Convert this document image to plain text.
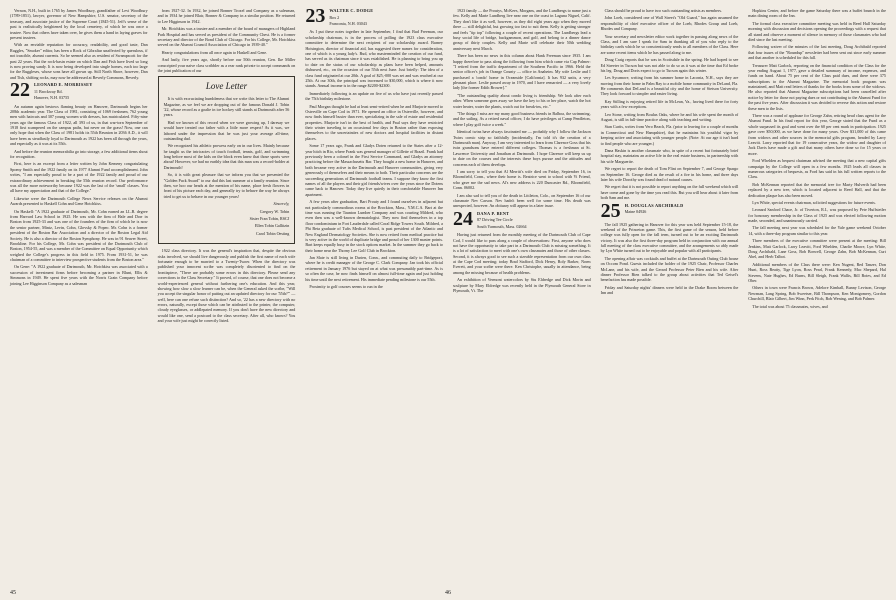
Vernon, N.H., built in 1765 by James Woodbury, grandfather of Levi Woodbury (1789-1851), lawyer, governor of New Hampshire, U.S. senator, secretary of the treasury, and associate justice of the Supreme Court (1845-51). Jeff's sense of the past is realistically heightened by the local cemetery, of which he was once a trustee. Now that others have taken over, he gives them a hand in laying graves for present trustees.

With an enviable reputation for accuracy, readability, and good taste, Dan Ruggles, "Smoker" editor, has been a Rock of Gibraltar unaffected by querulous, if not irascible, alumni currents. So he seemed also as resident of Swampscott for the past 22 years. But the rock-basin estate on which Dan and Fish have lived so long is now proving sandy. It is now being developed into single homes, each too large for the Ruggleses, whose sons have all grown up. Still North Shore, however, Dan and Tish, shifting rocks, may now be addressed at Beverly Commons, Beverly.

22 LEONARD E. MORRISSEY
11 Brockway Rd.
Hanover, N.H. 03755

An autumn again bestows flaming beauty on Hanover, Dartmouth begins her 208th academic year. The Class of 1981, consisting of 1069 freshmen, 762 young men with haircuts and 307 young women with dresses, has matriculated. Fifty-nine years ago the famous Class of 1922, all 393 of us, in that war-torn September of 1918 first scampered on the campus paths, but never on the grass! Now, one can only hope that when the Class of 1981 holds its 55th Reunion in 2036 A.D., it will have been as steadfastly loyal to Dartmouth as 1922 has been all through the years, and especially as it was at its 55th.

And before the reunion memorabilia go into storage, a few additional items shout for recognition.

First, here is an excerpt from a letter written by John Kemeny congratulating Spomy Smith and the 1922 family on its 1977 Alumni Fund accomplishment. John writes, "I am especially proud to be a part of the 1922 family and proud of our extraordinary achievement in breaking the 55th reunion record. Our performance was all the more noteworthy because 1922 was the last of the 'small' classes. You all have my appreciation and that of the College."

Likewise were the Dartmouth College News Service releases on the Alumni Awards presented to Haskell Cohn and Gene Hotchkiss.

On Haskell: "A 1922 graduate of Dartmouth, Mr. Cohn earned an LL.B. degree from Harvard Law School in 1925. He was with the firm of Hale and Dorr in Boston from 1925-33 and was one of the founders of the firm of which he is now the senior partner, Mintz, Levin, Cohn, Glovsky & Popeo. Mr. Cohn is a former president of the Boston Bar Association and a director of the Boston Legal Aid Society. He is also a director of the Boston Symphony. He was in 91 Seaver Street, Brookline. For his College, Mr. Cohn was president of the Dartmouth Club of Boston, 1954-55, and was a member of the Committee on Equal Opportunity which weighed the College's progress in this field in 1975. From 1931-51, he was chairman of a committee to interview prospective students from the Boston area."

On Gene: "A 1922 graduate of Dartmouth, Mr. Hotchkiss was associated with a succession of investment firms before becoming a partner in Blunt, Ellis & Simmons in 1949. He spent five years with the Norris Grain Company before joining Lee Higginson Company as a salesman

from 1927-32. In 1932, he joined Bonner Troxel and Company as a salesman, and in 1934 he joined Blair, Bonner & Company in a similar position. He returned to Lee Higginson in 1942.

Mr. Hotchkiss was a trustee and a member of the board of managers of Highland Park Hospital and has served as president of the Community Chest. He is a former secretary and director of the Bond Club of Chicago. For his College, Mr. Hotchkiss served on the Alumni Council Association of Chicago in 1939-40."

Hearty congratulations from all once again to Haskell and Gene.

And lastly, five years ago, shortly before our 50th reunion, Gen. Ike Miller conscripted your naive class scribbler as a rear rank private to accept commands on the joint publication of our

Love Letter

It is with excruciating humbleness that we write this letter to The Alumni Magazine, as we feel we are dropping out of the famous Donald J. Tobin '22, whose record as a goalie in ice hockey still stands at Dartmouth after 56 years.

Had we known of this record when we were growing up, I daresay we would have treated our father with a little more respect! As it was, we labored under the impression that he was just your average all-time, outstanding dad.

We recognized his athletic prowess early on in our lives. Mainly because he taught us the intricacies of touch football, tennis, golf, and swimming long before most of the kids on the block even knew that those sports were about! However, we had no earthly idea that this man was a record-holder at Dartmouth!

So, it is with great pleasure that we inform you that we presented the "Golden Puck Award" to our dad this last summer at a family reunion. Since then, we hoo our heads at the mention of his name, place fresh flowers in front of his picture each day, and generally try to behave the way he always tried to get us to behave in our younger years!

Sincerely,

Gregory W. Tobin

Sister Fran Tobin, RSCJ

Ellen Tobin Gallitzin

Carol Tobin Oesting

1922 class directory. It was the general's inspiration that, despite the obvious risks involved, we should live dangerously and publish the first name of each wife fortunate enough to be married to a Twenty-Twoer. When the directory was published your innocent scribe was completely disoriented to find on the frontispiece, "There are probably some errors in this directory. Please send any corrections to the Class Secretary." It proved, of course, that one does not become a world-experienced general without furthering one's education. And this year, showing how slow a slow learner can be, when the General asked the scribe, "Will you accept the singular honor of putting out an updated directory for our '55th?'" — well, here can one refuse such distinction? And so, '22 has a new directory with no errors, naturally, except those which can be attributed to the printer, the computer, cloudy eyeglasses, or addlepated memory. If you don't have the new directory and would like one, send a postcard to the class secretary. After all, who knows? You and your wife just might be correctly listed.

23 WALTER C. DODGE
Box 2
Franconia, N.H. 03043

As I put these notes together in late September, I find that Bud Freeman, our scholarship chairman, is in the process of polling the 1923 class executive committee to determine the next recipient of our scholarship award. Barney Hoisington, director of financial aid, has suggested three names for consideration, one of which is a young lady's. Bud, who masterminded the creation of our fund, has served as its chairman since it was established. He is planning to bring you up to date on the status of our scholarship as plans have been helped, amounts disbursed, etc., on the occasion of our 55th next June. Just briefly: The idea of a class fund originated at our 20th. A goal of $25,-000 was set and was reached at our 25th. At our 30th, the principal was increased to $30,000, which is where it now stands. Annual income is in the range $2200-$2300.

Immediately following is an update on five of us who have just recently passed the 75th birthday milestone.

Paul Morgan thought he had at least semi-retired when he and Marjorie moved to Osterville on Cape Cod in 1971. He opened an office in Osterville, however, and now finds himself busier than ever, specializing in the sale of estate and residential properties. Marjorie isn't in the best of health, and Paul says they have restricted their winter traveling to an occasional few days in Boston rather than exposing themselves to the uncertainties of new doctors and hospital facilities in distant places.

Some 17 years ago, Frank and Gladys Doten returned to the States after a 12-year hitch in Rio, where Frank was general manager of Gillette of Brazil. Frank had previously been a colonel in the First Service Command, and Gladys an attorney practicing before the Massachusetts Bar. They bought a new home in Hanover, and both became very active in the Dartmouth and Hanover communities, giving very generously of themselves and their means to both. Their particular concerns are the succeeding generations of Dartmouth football teams. I suppose they know the first names of all the players and their girl friends/wives over the years since the Dotens came back to Hanover. Today they live quietly in their comfortable Hanover Inn apartment.

A few years after graduation, Bart Prouty and I found ourselves in adjacent but not particularly commodious rooms at the Brockton, Mass., Y.M.C.A. Bart at the time was running the Taunton Lumber Company and was courting Mildred, who even then was a well-known dermatologist. They now find themselves in a top floor condominium in Fort Lauderdale called Coral Ridge Towers South. Mildred, a Phi Beta graduate of Tufts Medical School, is past president of the Atlantic and New England Dermatology Societies. She is now retired from medical practice but is very active in the world of duplicate bridge and proud of her 1300 master points. Bart keeps equally busy in the stock options market. In the summer they go back to their home near the Thorny Lee Golf Club in Brockton.

Jan Slate is still living in Darien, Conn., and commuting daily to Bridgeport, where he is credit manager of the George C. Clark Company. Jan took his official retirement in January 1976 but stayed on at what was presumably part-time. As is so often the case, he now finds himself on almost full-time again and just holding his time until the next retirement. His immediate pending milestone is our 55th.

Proximity to golf courses seems to run in the

1923 family — the Proutys, McKees, Morgans, and the Lundbergs to name just a few. Kelly and Marie Lundberg live near one on the coast in Laguna Niguel, Calif. They don't like it as well, however, as they did eight years ago when they moved there — still delightful, but growing too fast to suit them. Kelly is getting stronger and feels "tip top" following a couple of recent operations. The Lundbergs lead a busy social life of bridge, backgammon, and golf, and belong to a dinner dance group of thirty couples. Kelly and Marie will celebrate their 50th wedding anniversary next March.

There has been no news in this column about Hank Freeman since 1935. I am happy therefore to pass along the following from him which came via Cap Palmer: "I retired from the traffic department of the Southern Pacific in 1966. Held the senior officer's job in Orange County — office in Anaheim. My wife Leslie and I purchased a 'condo' home in Oceanside [California]. It has 932 units, a very pleasant place. Leslie passed away in 1970, and I have remarried — a very lovely lady [the former Edith Brower]."

"The outstanding quality about condo living is friendship. We look after each other. When someone goes away we have the key to his or her place, watch the hot water heater, water the plants, watch out for break-ins, etc."

"The things I miss are my many good business friends in Balboa, the swimming, and the sailing. As a retired naval officer, I do have privileges at Camp Pendleton, where I play golf twice a week."

Identical twins have always fascinated me — probably why I follow the Jackson Twins comic strip so faithfully (incidentally, I'm told it's the creation of a Dartmouth man). Anyway, I am very interested to learn from Clarence Goss that his twin grandsons have entered different colleges. Thomas is a freshman at St. Lawrence University and Jonathan at Dartmouth. I hope Clarence will keep us up to date on the courses and the interests these boys pursue and the attitudes and concerns each of them develops.

I am sorry to tell you that Al Merritt's wife died on Friday, September 16, in Bloomfield, Conn., where their home is. Beatrice went to school with Vi Friend, who gave me the sad news. Al's new address is 220 Duncaster Rd., Bloomfield, Conn. 06002.

I am also sad to tell you of the death in Littleton, Colo., on September 16 of our classmate Nev Carson. Nev hadn't been well for some time. His death was unexpected, however. An obituary will appear in a later issue.

24 DANA P. BENT
87 Driving Tee Circle
South Yarmouth, Mass. 02664

Having just returned from the monthly meeting of the Dartmouth Club of Cape Cod, I would like to pass along a couple of observations: First, anyone who does not have the opportunity to take part in a Dartmouth Club is missing something. It is a lot of satisfaction to meet with one's own classmates and those of other classes. Second, it is always good to see such a sizeable representation from our own class at the Cape Cod meeting; today Brad Stafford, Dick Henry, Roly Barker, Norm Everett, and your scribe were there. Ken Christophe, usually in attendance, being among the missing because of health problems.

An exhibition of Vermont watercolors by Stu Eldredge and Dick Morin and sculpture by Mary Eldredge was recently held in the Plymouth General Store in Plymouth, Vt. The

Class should be proud to have two such outstanding artists as members.

John Loeb, considered one of Wall Street's "Old Guard," has again assumed the responsibility of chief executive officer of the Loeb, Rhodes Group and Loeb, Rhodes and Company.

Your secretary and newsletter editor work together in passing along news of the Class, and I am sure I speak for Sam in thanking all of you who reply to the birthday cards which he so conscientiously sends to all members of the Class. Here are some recent items which he has passed along to me.

Doug Craig reports that he was in Scottsdale in the spring. He had hoped to see Ed Streeter in Tucson but was not able to do so as it was at the time that Ed broke his leg. Doug and Doris expect to go to Tucson again this winter.

Les Sycamore, writing from his summer home in Laconia, N.H., says they are moving from their home in Palm Bay to a mobile home community in DeLand, Fla. He comments that DeLand is a beautiful city and the home of Stetson University. They look forward to simpler and easier living.

Kay Stilling is enjoying retired life in McLean, Va., having lived there for forty years with a few exceptions.

Leo Stone, writing from Boulus Oaks, where he and his wife spent the month of August, is still in full-time practice along with teaching and writing.

Stan Curtis, writes from Vero Beach, Fla. (prior to leaving for a couple of months in Connecticut and New Hampshire), that he maintains his youthful vigor by keeping active and associating with younger people. (Note: At our age it isn't hard to find people who are younger.)

Dana Haskin is another classmate who, in spite of a recent but fortunately brief hospital stay, maintains an active life in the real estate business, in partnership with his wife Marguerite.

We regret to report the death of Tom Flint on September 7, and George Spargo on September 16. George died as the result of a fire in his home, and three days later his wife Dorothy was found dead of natural causes.

We regret that it is not possible to report anything on the full weekend which will have come and gone by the time you read this. But you will hear about it later from both Sam and me.

25 H. DOUGLAS ARCHIBALD
Maine 04926

The fall 1925 gathering in Hanover for this year was held September 15-18, the weekend of the Princeton game. This, the first game of the season, held before college was fully open for the fall term, turned out to be an exciting Dartmouth victory. It was also the first three-day program held in conjunction with our annual fall meeting of the class executive committee, and the arrangements so ably made by Lyn White turned out to be enjoyable and popular with all participants.

The opening affair was cocktails and buffet at the Dartmouth Outing Club house on Occom Pond. Guests included the holder of the 1925 Chair, Professor Charles McLane, and his wife, and the Gerard Professor Peter Bien and his wife. After dinner Professor Bien talked to the group about activities that Ted Geisel's benefaction has made possible.

Friday and Saturday nights' dinners were held in the Drake Room between the Inn and

Hopkins Center, and before the game Saturday there was a buffet brunch in the main dining room of the Inn.

The formal class executive committee meeting was held in Reed Hall Saturday morning with discussion and decisions opening the proceedings with a request that all stand and observe a moment of silence in memory of those classmates who had died since the last meeting.

Following waiver of the minutes of the last meeting, Doug Archibald reported that four issues of the "Roundup" newsletter had been sent out since early summer and that another is scheduled for this fall.

Treasurer Matt Garlock, reporting on the financial condition of the Class for the year ending August 1, 1977, gave a detailed summary of income, expenses, and funds on hand. About 75 per cent of the Class paid dues, and there were 375 subscriptions to the Alumni Magazine. The memorial book program was maintained, and Matt read letters of thanks for the books from some of the widows. He also reported that Alumni Magazine subscriptions had been cancelled after notice by letter for those not paying dues or not contributing to the Alumni Fund for the past five years. After discussion it was decided to reverse this action and restore these men to the lists.

There was a round of applause for George Zahn, retiring head class agent for the Alumni Fund. In his final report for this year, George stated that the Fund as a whole surpassed its goal and went over the 60 per cent mark in participation. 1925 gave over $50,000, as we have done for many years. Over $31,000 of this came from widows and other sources in the memorial gifts program, headed by Larry Leavitt. Larry reported that for 19 consecutive years, the widow and daughter of Jack Davis have made a gift and that many others have done so for 15 years or more.

Ford Whelden as bequest chairman advised the meeting that a new capital gifts campaign by the College will open in a few months. 1925 leads all classes in numerous categories of bequests, as Ford has said in his full written reports to the Class.

Bob McKennan reported that the memorial tree for Marty Hulverth had been replaced by a new tree, which is located adjacent to Reed Hall, and that the dedication plaque has also been moved.

Lyn White, special events chairman, solicited suggestions for future events.

Leonard Sanford Chace, Jr. of Tiverton, R.I., was proposed by Pete Huffstetler for honorary membership in the Class of 1925 and was elected following motion made, seconded, and unanimously carried.

The fall meeting next year was scheduled for the Yale game weekend October 14, with a three-day program similar to this year.

Three members of the executive committee were present at the meeting: Bill Jenkins, Matt Garlock, Larry Leavitt, Ford Whelden, Charlie Moore, Lyn White, Doug Archibald, Lane Goss, Bob Borwell, George Zahn, Bob McKennan, Curt Abel, and Herb Talbot.

Additional members of the Class there were: Ken Nugent, Red Tanzer, Don Hunt, Ross Beatty, Tige Lyon, Ross Pearl, Frank Kennedy, Mac Shepard, Hal Stevens, Nate Hughes, Ed Burns, Bill Sleigh, Frank Wallis, Bill Boies, and Ed Ober.

Others in town were Francis Brown, Adelore Kimball, Bunny Levison, George Newman, Lang Spring, Bob Sweetser, Bill Thompson, Ken Montgomery, Gordon Churchill, Blair Gilbert, Jim Winn, Perk Fitch, Bob Wening, and Bob Palmer.

The total was about 75 classmates, wives, and

45	46
